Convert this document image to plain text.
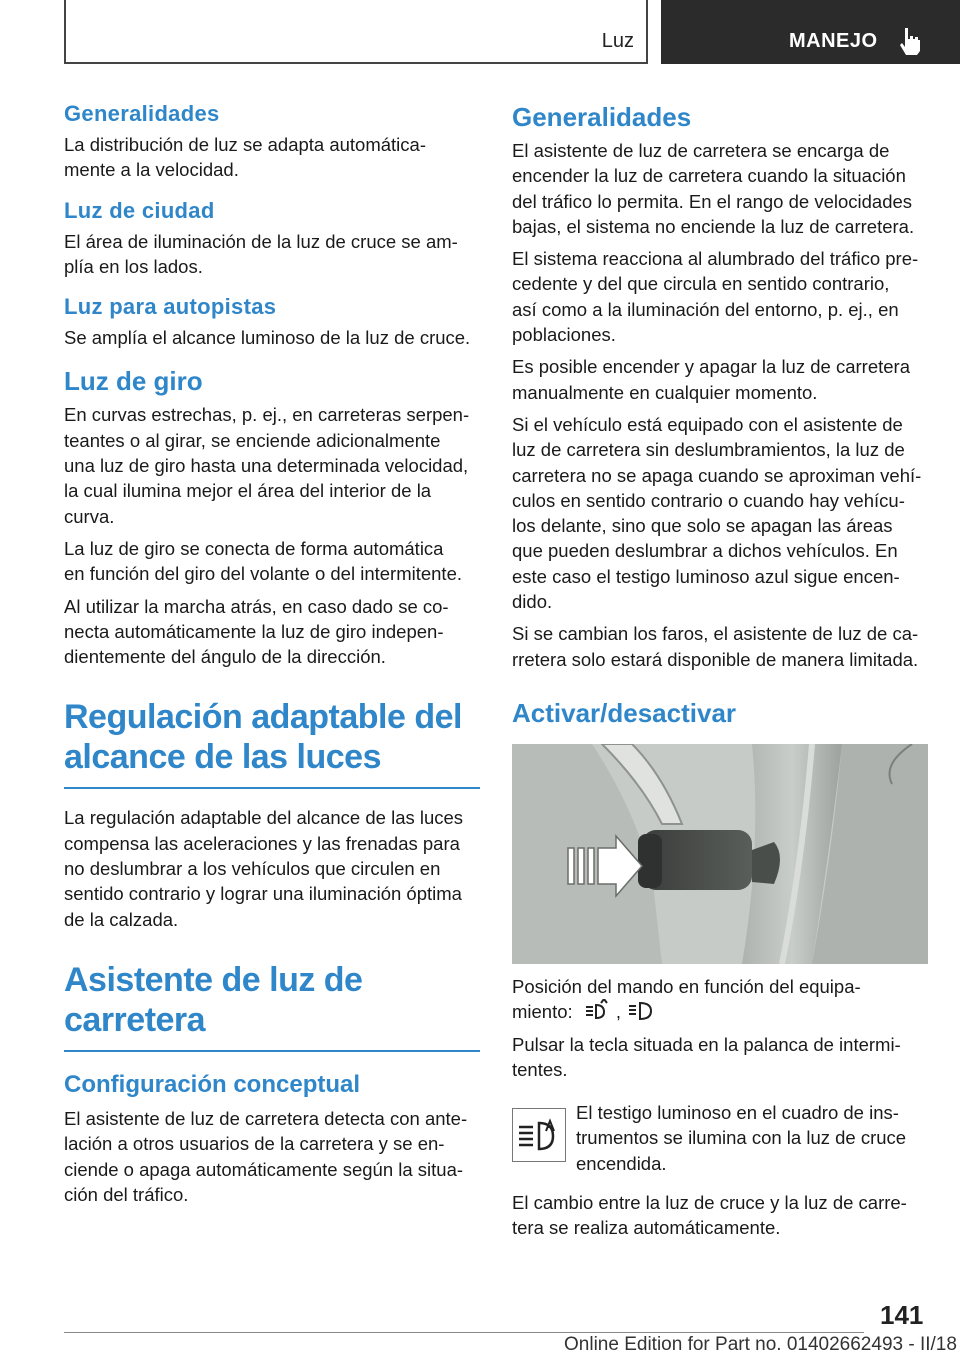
Luz	MANEJO
Generalidades

La distribución de luz se adapta automática-
mente a la velocidad.

Luz de ciudad

El área de iluminación de la luz de cruce se am-
plía en los lados.

Luz para autopistas

Se amplía el alcance luminoso de la luz de cruce.

Luz de giro

En curvas estrechas, p. ej., en carreteras serpen-
teantes o al girar, se enciende adicionalmente
una luz de giro hasta una determinada velocidad,
la cual ilumina mejor el área del interior de la
curva.

La luz de giro se conecta de forma automática
en función del giro del volante o del intermitente.

Al utilizar la marcha atrás, en caso dado se co-
necta automáticamente la luz de giro indepen-
dientemente del ángulo de la dirección.

Regulación adaptable del alcance de las luces

La regulación adaptable del alcance de las luces
compensa las aceleraciones y las frenadas para
no deslumbrar a los vehículos que circulen en
sentido contrario y lograr una iluminación óptima
de la calzada.

Asistente de luz de carretera
Configuración conceptual

El asistente de luz de carretera detecta con ante-
lación a otros usuarios de la carretera y se en-
ciende o apaga automáticamente según la situa-
ción del tráfico.

Generalidades

El asistente de luz de carretera se encarga de
encender la luz de carretera cuando la situación
del tráfico lo permita. En el rango de velocidades
bajas, el sistema no enciende la luz de carretera.

El sistema reacciona al alumbrado del tráfico pre-
cedente y del que circula en sentido contrario,
así como a la iluminación del entorno, p. ej., en
poblaciones.

Es posible encender y apagar la luz de carretera
manualmente en cualquier momento.

Si el vehículo está equipado con el asistente de
luz de carretera sin deslumbramientos, la luz de
carretera no se apaga cuando se aproximan vehí-
culos en sentido contrario o cuando hay vehícu-
los delante, sino que solo se apagan las áreas
que pueden deslumbrar a dichos vehículos. En
este caso el testigo luminoso azul sigue encen-
dido.

Si se cambian los faros, el asistente de luz de ca-
rretera solo estará disponible de manera limitada.

Activar/desactivar

Posición del mando en función del equipa-
miento: ,

Pulsar la tecla situada en la palanca de intermi-
tentes.

El testigo luminoso en el cuadro de ins-
trumentos se ilumina con la luz de cruce
encendida.

El cambio entre la luz de cruce y la luz de carre-
tera se realiza automáticamente.

141
Online Edition for Part no. 01402662493 - II/18
